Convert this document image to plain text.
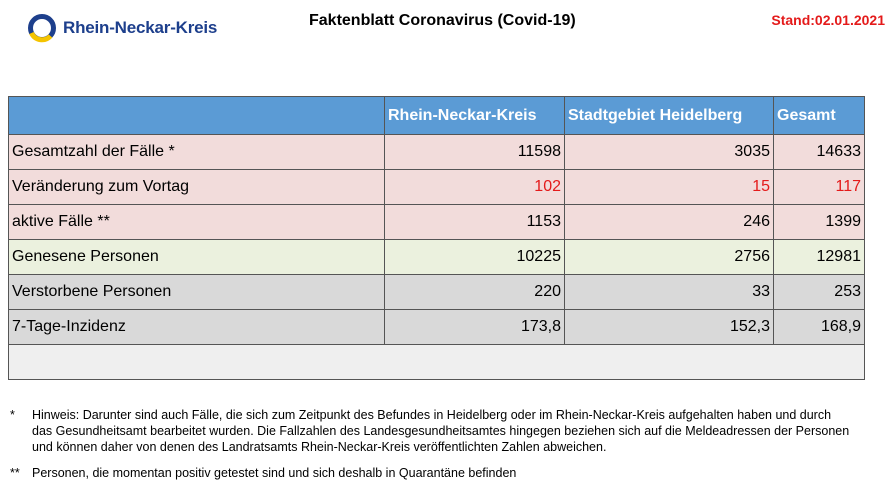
Rhein-Neckar-Kreis	Faktenblatt Coronavirus (Covid-19)	Stand:02.01.2021
	Rhein-Neckar-Kreis	Stadtgebiet Heidelberg	Gesamt
Gesamtzahl der Fälle *	11598	3035	14633
Veränderung zum Vortag	102	15	117
aktive Fälle **	1153	246	1399
Genesene Personen	10225	2756	12981
Verstorbene Personen	220	33	253
7-Tage-Inzidenz	173,8	152,3	168,9

*	Hinweis: Darunter sind auch Fälle, die sich zum Zeitpunkt des Befundes in Heidelberg oder im Rhein-Neckar-Kreis aufgehalten haben und durch das Gesundheitsamt bearbeitet wurden. Die Fallzahlen des Landesgesundheitsamtes hingegen beziehen sich auf die Meldeadressen der Personen und können daher von denen des Landratsamts Rhein-Neckar-Kreis veröffentlichten Zahlen abweichen.
** Personen, die momentan positiv getestet sind und sich deshalb in Quarantäne befinden
